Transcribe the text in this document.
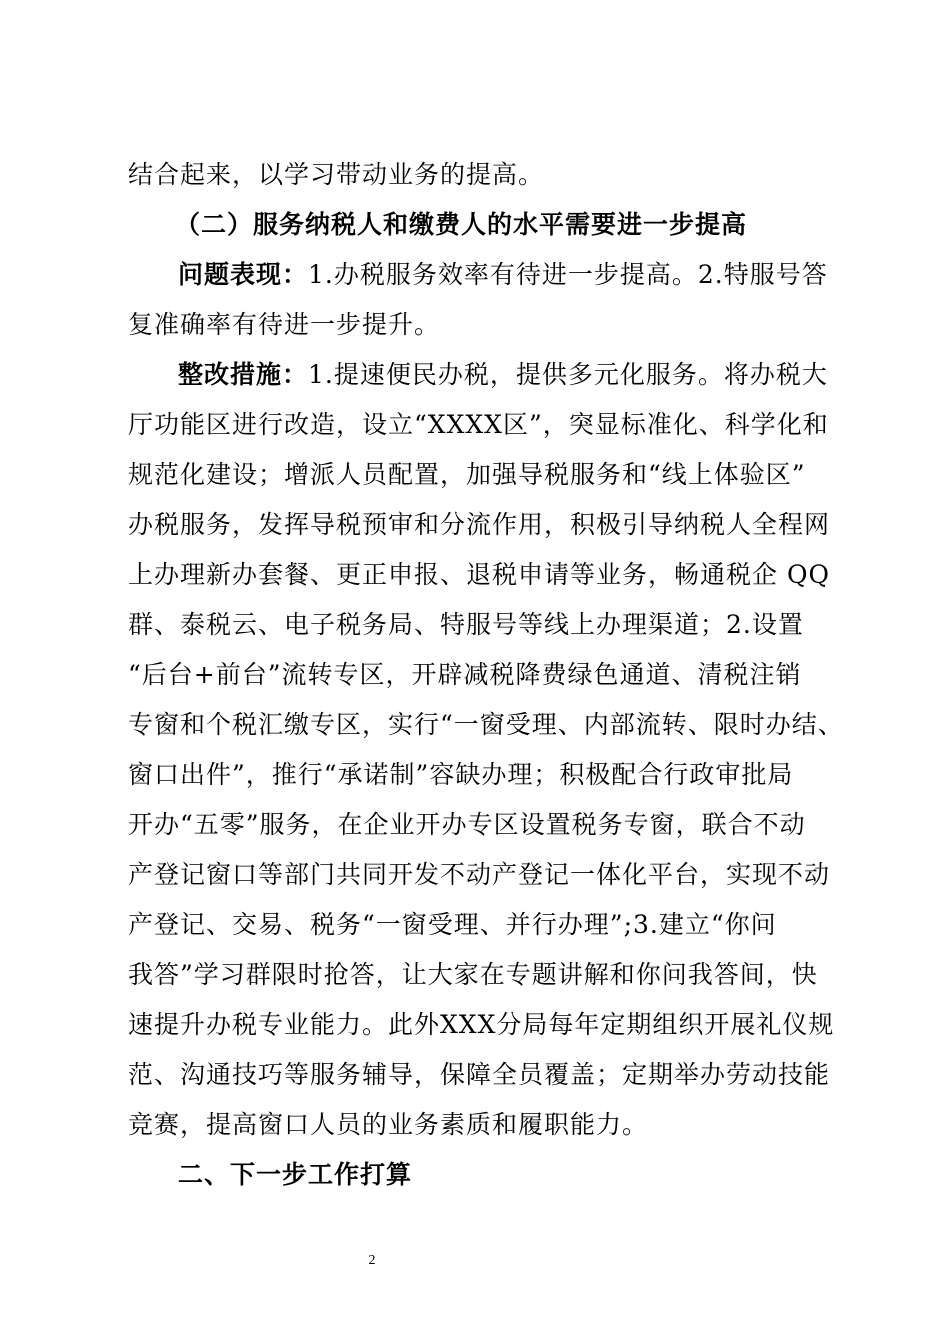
结合起来，以学习带动业务的提高。
（二）服务纳税人和缴费人的水平需要进一步提高
问题表现：1.办税服务效率有待进一步提高。2.特服号答
复准确率有待进一步提升。
整改措施：1.提速便民办税，提供多元化服务。将办税大
厅功能区进行改造，设立“XXXX区”，突显标准化、科学化和
规范化建设；增派人员配置，加强导税服务和“线上体验区”
办税服务，发挥导税预审和分流作用，积极引导纳税人全程网
上办理新办套餐、更正申报、退税申请等业务，畅通税企 QQ
群、泰税云、电子税务局、特服号等线上办理渠道；2.设置
“后台+前台”流转专区，开辟减税降费绿色通道、清税注销
专窗和个税汇缴专区，实行“一窗受理、内部流转、限时办结、
窗口出件”，推行“承诺制”容缺办理；积极配合行政审批局
开办“五零”服务，在企业开办专区设置税务专窗，联合不动
产登记窗口等部门共同开发不动产登记一体化平台，实现不动
产登记、交易、税务“一窗受理、并行办理”;3.建立“你问
我答”学习群限时抢答，让大家在专题讲解和你问我答间，快
速提升办税专业能力。此外XXX分局每年定期组织开展礼仪规
范、沟通技巧等服务辅导，保障全员覆盖；定期举办劳动技能
竞赛，提高窗口人员的业务素质和履职能力。
二、下一步工作打算
2
